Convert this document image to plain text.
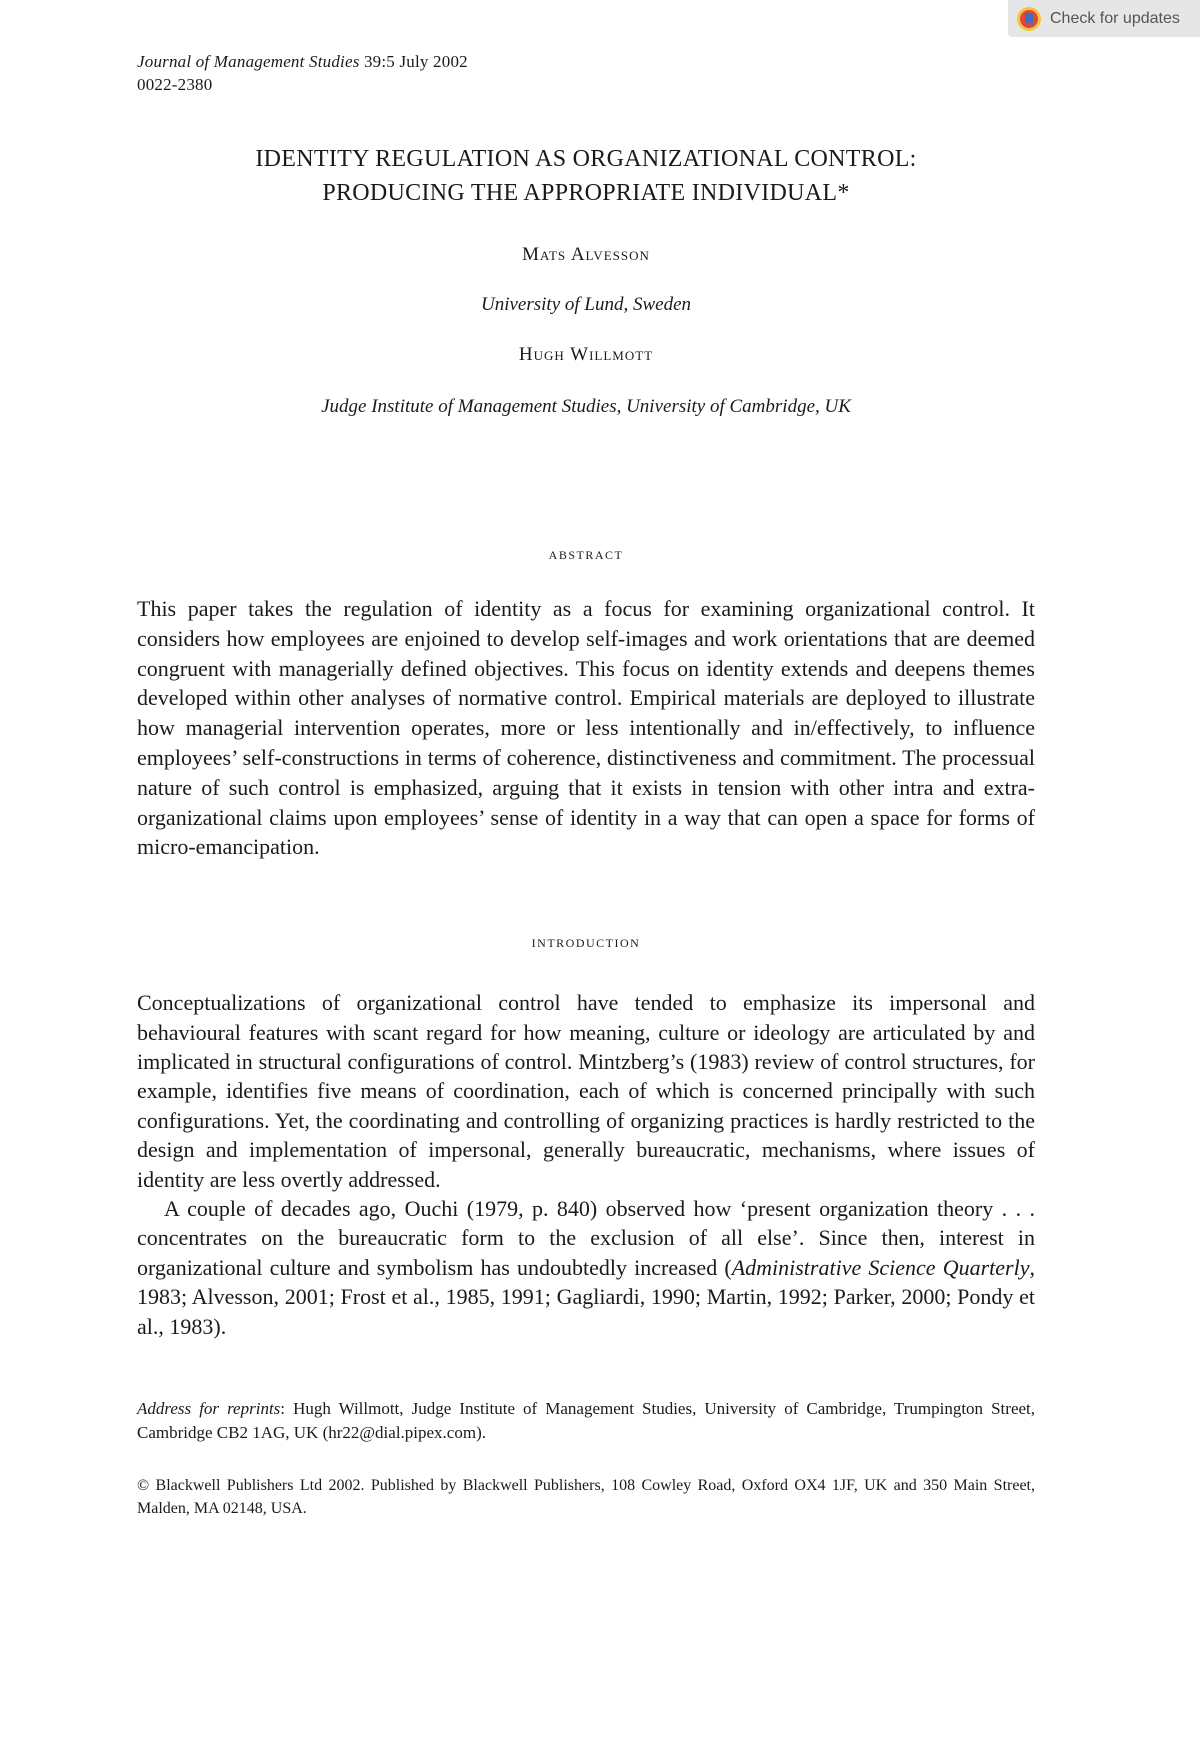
Check for updates
Journal of Management Studies 39:5 July 2002
0022-2380
IDENTITY REGULATION AS ORGANIZATIONAL CONTROL:
PRODUCING THE APPROPRIATE INDIVIDUAL*
Mats Alvesson
University of Lund, Sweden
Hugh Willmott
Judge Institute of Management Studies, University of Cambridge, UK
abstract
This paper takes the regulation of identity as a focus for examining organizational control. It considers how employees are enjoined to develop self-images and work orientations that are deemed congruent with managerially defined objectives. This focus on identity extends and deepens themes developed within other analyses of normative control. Empirical materials are deployed to illustrate how managerial intervention operates, more or less intentionally and in/effectively, to influence employees’ self-constructions in terms of coherence, distinctiveness and commitment. The processual nature of such control is emphasized, arguing that it exists in tension with other intra and extra-organizational claims upon employees’ sense of identity in a way that can open a space for forms of micro-emancipation.
introduction

Conceptualizations of organizational control have tended to emphasize its impersonal and behavioural features with scant regard for how meaning, culture or ideology are articulated by and implicated in structural configurations of control. Mintzberg’s (1983) review of control structures, for example, identifies five means of coordination, each of which is concerned principally with such configurations. Yet, the coordinating and controlling of organizing practices is hardly restricted to the design and implementation of impersonal, generally bureaucratic, mechanisms, where issues of identity are less overtly addressed.

A couple of decades ago, Ouchi (1979, p. 840) observed how ‘present organization theory . . . concentrates on the bureaucratic form to the exclusion of all else’. Since then, interest in organizational culture and symbolism has undoubtedly increased (Administrative Science Quarterly, 1983; Alvesson, 2001; Frost et al., 1985, 1991; Gagliardi, 1990; Martin, 1992; Parker, 2000; Pondy et al., 1983).

Address for reprints: Hugh Willmott, Judge Institute of Management Studies, University of Cambridge, Trumpington Street, Cambridge CB2 1AG, UK (hr22@dial.pipex.com).
© Blackwell Publishers Ltd 2002. Published by Blackwell Publishers, 108 Cowley Road, Oxford OX4 1JF, UK and 350 Main Street, Malden, MA 02148, USA.
